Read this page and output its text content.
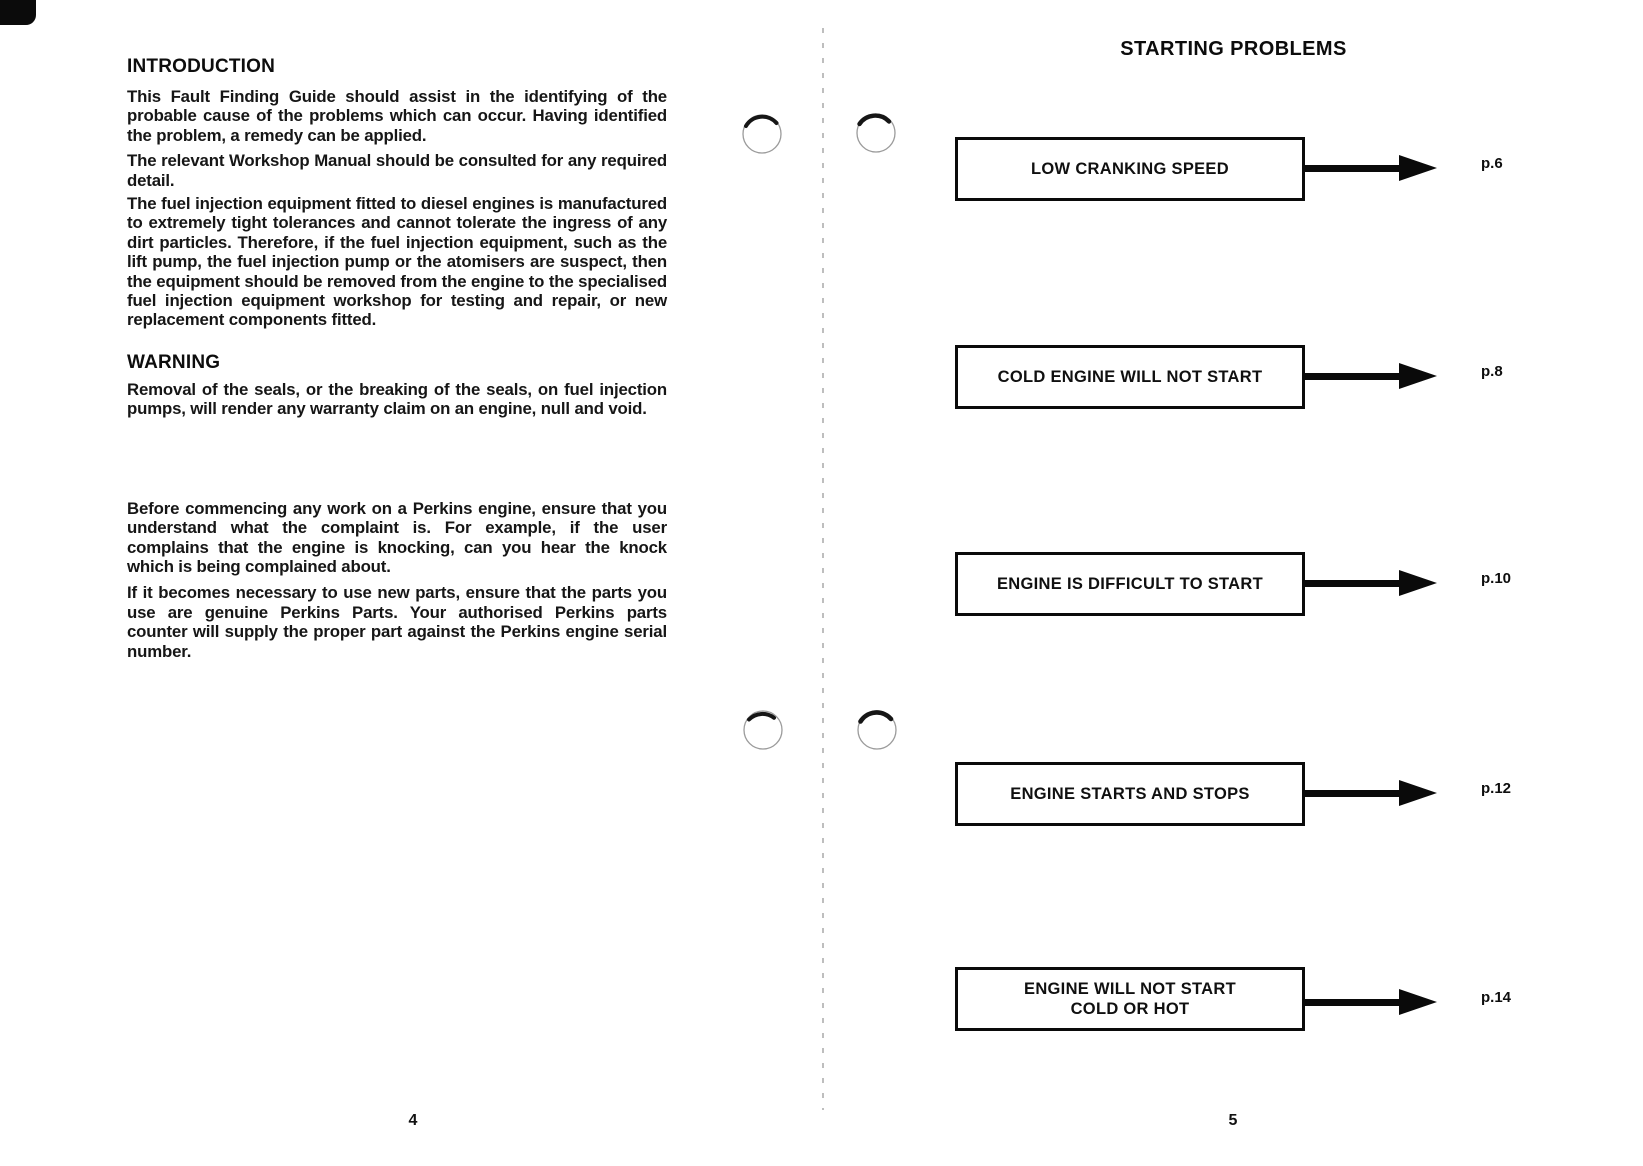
INTRODUCTION

This Fault Finding Guide should assist in the identifying of the probable cause of the problems which can occur. Having identified the problem, a remedy can be applied.

The relevant Workshop Manual should be consulted for any required detail.

The fuel injection equipment fitted to diesel engines is manufactured to extremely tight tolerances and cannot tolerate the ingress of any dirt particles. Therefore, if the fuel injection equipment, such as the lift pump, the fuel injection pump or the atomisers are suspect, then the equipment should be removed from the engine to the specialised fuel injection equipment workshop for testing and repair, or new replacement components fitted.

WARNING

Removal of the seals, or the breaking of the seals, on fuel injection pumps, will render any warranty claim on an engine, null and void.

Before commencing any work on a Perkins engine, ensure that you understand what the complaint is. For example, if the user complains that the engine is knocking, can you hear the knock which is being complained about.

If it becomes necessary to use new parts, ensure that the parts you use are genuine Perkins Parts. Your authorised Perkins parts counter will supply the proper part against the Perkins engine serial number.

4
STARTING PROBLEMS
LOW CRANKING SPEED	p.6
COLD ENGINE WILL NOT START	p.8
ENGINE IS DIFFICULT TO START	p.10
ENGINE STARTS AND STOPS	p.12
ENGINE WILL NOT START
COLD OR HOT
p.14
5
